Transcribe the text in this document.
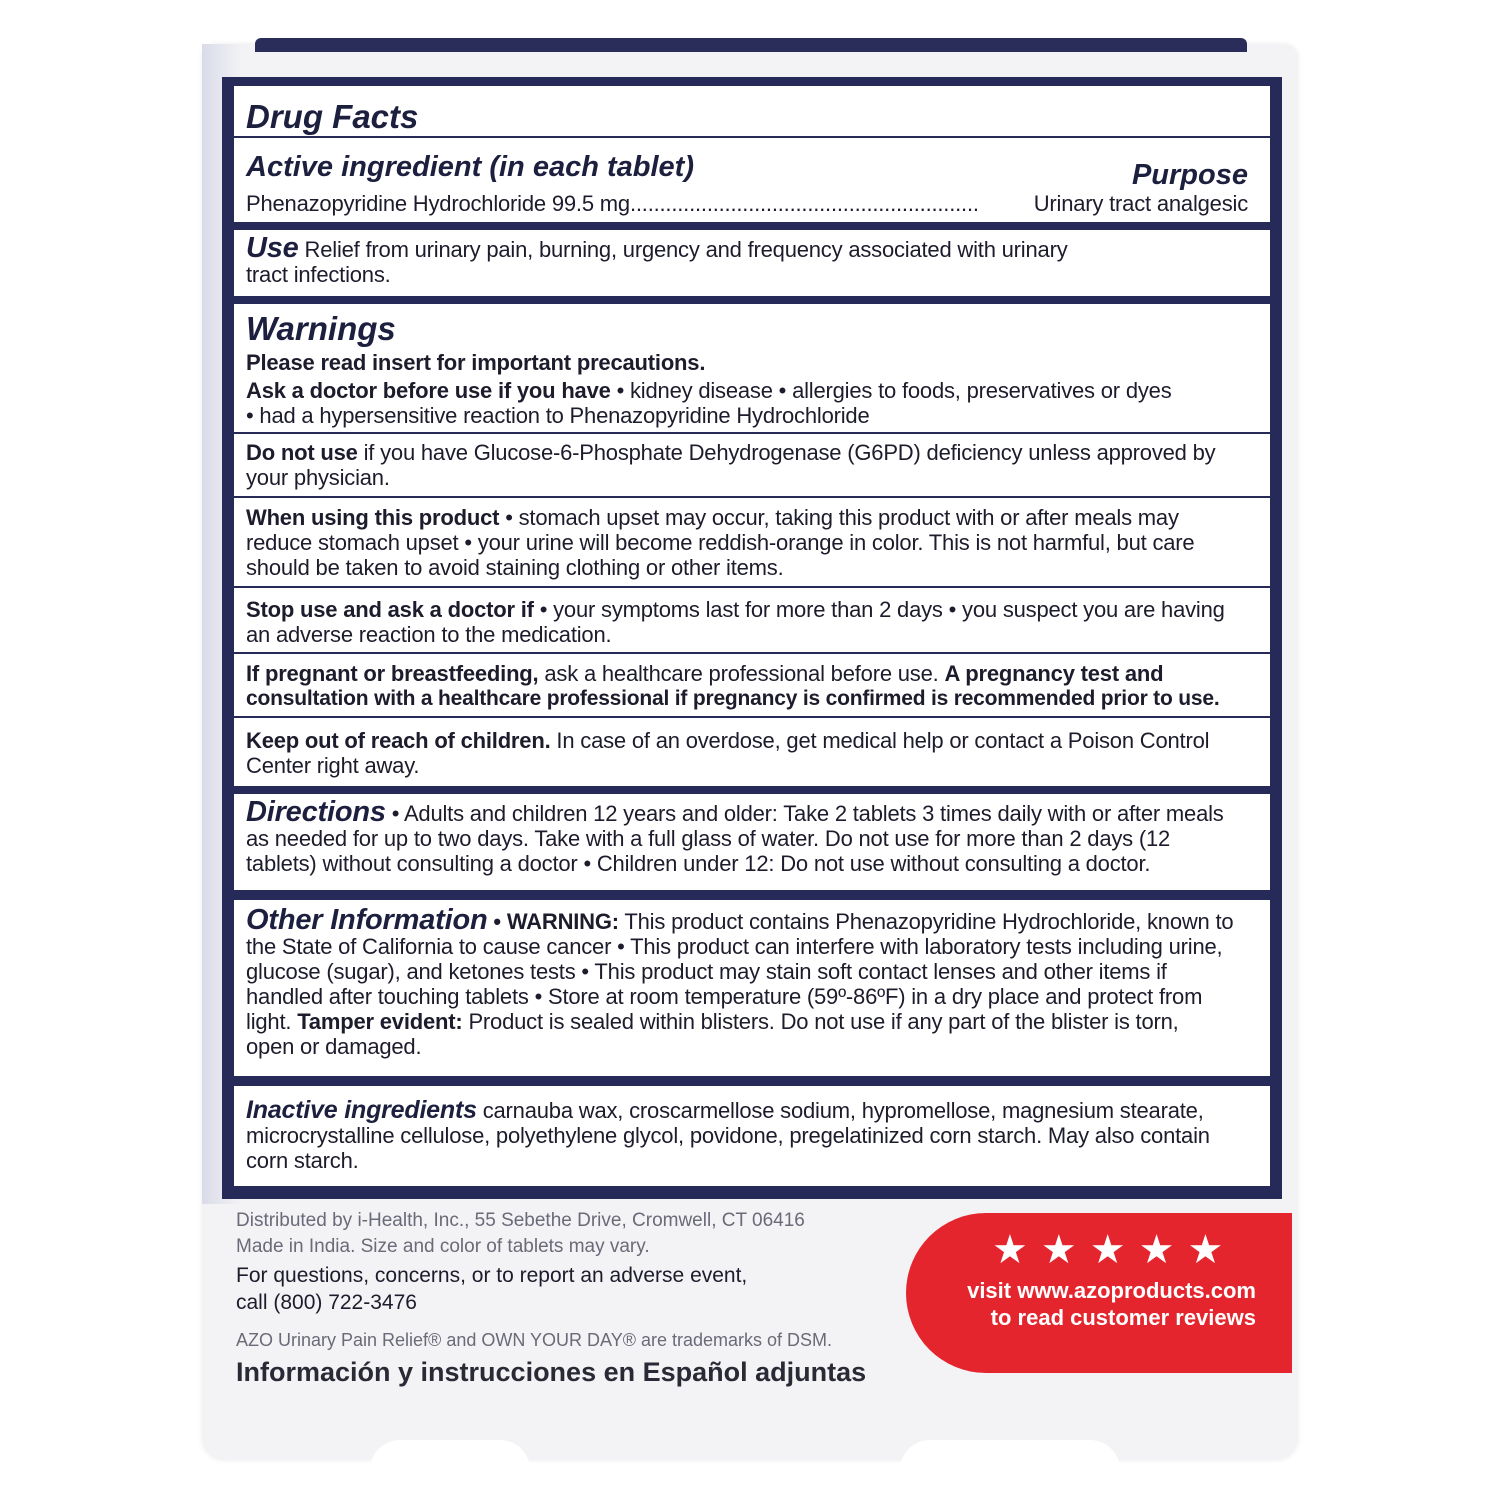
Drug Facts
Active ingredient (in each tablet)	Purpose
Phenazopyridine Hydrochloride 99.5 mg ...........................................................	Urinary tract analgesic
Use Relief from urinary pain, burning, urgency and frequency associated with urinary
tract infections.
Warnings
Please read insert for important precautions.
Ask a doctor before use if you have • kidney disease • allergies to foods, preservatives or dyes
• had a hypersensitive reaction to Phenazopyridine Hydrochloride
Do not use if you have Glucose-6-Phosphate Dehydrogenase (G6PD) deficiency unless approved by
your physician.
When using this product • stomach upset may occur, taking this product with or after meals may
reduce stomach upset • your urine will become reddish-orange in color. This is not harmful, but care
should be taken to avoid staining clothing or other items.
Stop use and ask a doctor if • your symptoms last for more than 2 days • you suspect you are having
an adverse reaction to the medication.
If pregnant or breastfeeding, ask a healthcare professional before use. A pregnancy test and
consultation with a healthcare professional if pregnancy is confirmed is recommended prior to use.
Keep out of reach of children. In case of an overdose, get medical help or contact a Poison Control
Center right away.
Directions • Adults and children 12 years and older: Take 2 tablets 3 times daily with or after meals
as needed for up to two days. Take with a full glass of water. Do not use for more than 2 days (12
tablets) without consulting a doctor • Children under 12: Do not use without consulting a doctor.
Other Information • WARNING: This product contains Phenazopyridine Hydrochloride, known to
the State of California to cause cancer • This product can interfere with laboratory tests including urine,
glucose (sugar), and ketones tests • This product may stain soft contact lenses and other items if
handled after touching tablets • Store at room temperature (59º-86ºF) in a dry place and protect from
light. Tamper evident: Product is sealed within blisters. Do not use if any part of the blister is torn,
open or damaged.
Inactive ingredients carnauba wax, croscarmellose sodium, hypromellose, magnesium stearate,
microcrystalline cellulose, polyethylene glycol, povidone, pregelatinized corn starch. May also contain
corn starch.
Distributed by i-Health, Inc., 55 Sebethe Drive, Cromwell, CT 06416
Made in India. Size and color of tablets may vary.
For questions, concerns, or to report an adverse event,
call (800) 722-3476
AZO Urinary Pain Relief® and OWN YOUR DAY® are trademarks of DSM.
Información y instrucciones en Español adjuntas
★★★★★
visit www.azoproducts.com
to read customer reviews
